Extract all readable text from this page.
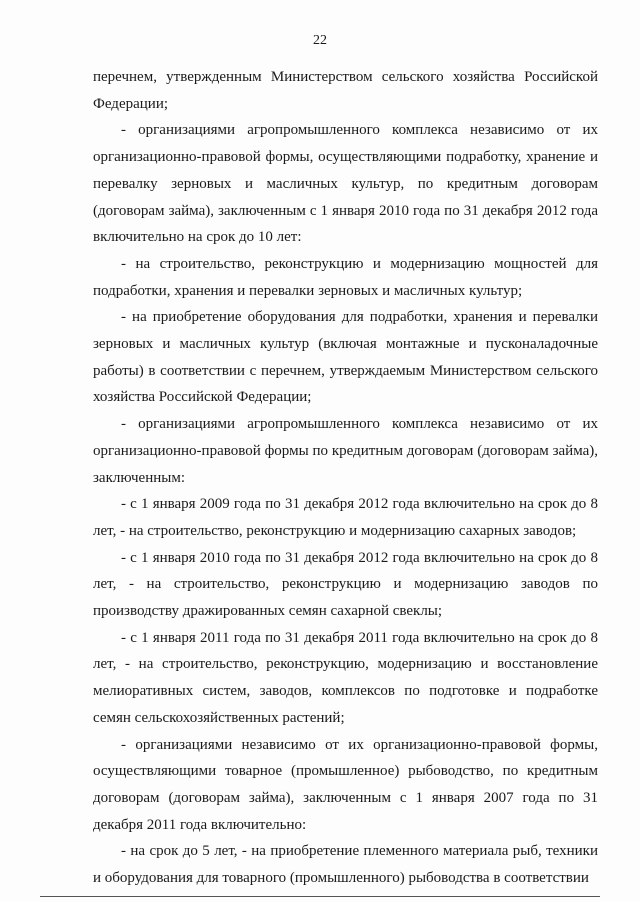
22

перечнем, утвержденным Министерством сельского хозяйства Российской Федерации;

- организациями агропромышленного комплекса независимо от их организационно-правовой формы, осуществляющими подработку, хранение и перевалку зерновых и масличных культур, по кредитным договорам (договорам займа), заключенным с 1 января 2010 года по 31 декабря 2012 года включительно на срок до 10 лет:

- на строительство, реконструкцию и модернизацию мощностей для подработки, хранения и перевалки зерновых и масличных культур;

- на приобретение оборудования для подработки, хранения и перевалки зерновых и масличных культур (включая монтажные и пусконаладочные работы) в соответствии с перечнем, утверждаемым Министерством сельского хозяйства Российской Федерации;

- организациями агропромышленного комплекса независимо от их организационно-правовой формы по кредитным договорам (договорам займа), заключенным:

- с 1 января 2009 года по 31 декабря 2012 года включительно на срок до 8 лет, - на строительство, реконструкцию и модернизацию сахарных заводов;

- с 1 января 2010 года по 31 декабря 2012 года включительно на срок до 8 лет, - на строительство, реконструкцию и модернизацию заводов по производству дражированных семян сахарной свеклы;

- с 1 января 2011 года по 31 декабря 2011 года включительно на срок до 8 лет, - на строительство, реконструкцию, модернизацию и восстановление мелиоративных систем, заводов, комплексов по подготовке и подработке семян сельскохозяйственных растений;

- организациями независимо от их организационно-правовой формы, осуществляющими товарное (промышленное) рыбоводство, по кредитным договорам (договорам займа), заключенным с 1 января 2007 года по 31 декабря 2011 года включительно:

- на срок до 5 лет, - на приобретение племенного материала рыб, техники и оборудования для товарного (промышленного) рыбоводства в соответствии
